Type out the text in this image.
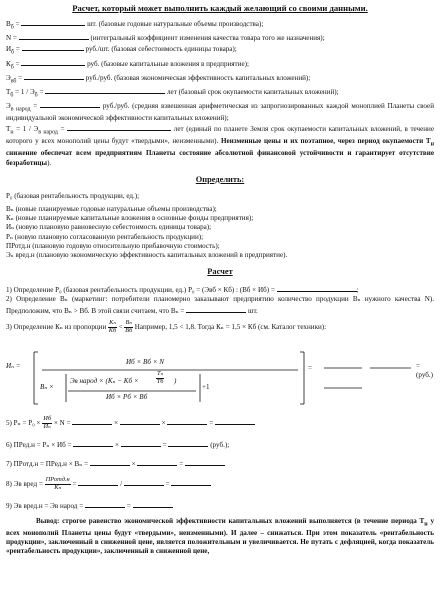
Расчет, который может выполнить каждый желающий со своими данными.

$В_б$ =	шт. (базовые годовые натуральные объемы производства);

N =	(интегральный коэффициент изменения качества товара того же назначения);

$И_б$ =	руб./шт. (базовая себестоимость единицы товара);

$К_б$ =	руб. (базовые капитальные вложения в предприятие);

$Э_{вб}$ =	руб./руб. (базовая экономическая эффективность капитальных вложений);

$Т_б = 1 / Э_б$ =	лет (базовый срок окупаемости капитальных вложений);

$Э_{в народ}$ =	руб./руб. (средняя взвешенная арифметическая из запрогнозированных каждой моноплией Планеты своей индивидуальной экономической эффективности капитальных вложений);

$Т_н = 1 / Э_{в народ}$ =	лет (единый по планете Земля срок окупаемости капитальных вложений, в течение которого у всех монополий цены будут «твердыми», неизменными). Неизменные цены и их поэтапное, через период окупаемости $Т_н$ снижение обеспечат всем предприятиям Планеты состояние абсолютной финансовой устойчивости и гарантирует отсутствие безработицы).

Определить:

Р₀ (базовая рентабельность продукции, ед.);

Вₙ (новые планируемые годовые натуральные объемы производства);

Кₙ (новые планируемые капитальные вложения в основные фонды предприятия);

Иₙ (новую плановую равновесную себестоимость единицы товара);

Рₙ (новую плановую согласованную рентабельность продукции);

ПРотд.н (плановую годовую относительную прибавочную стоимость);

Эₙ вред.н (плановую экономическую эффективность капитальных вложений в предприятие).

Расчет

1) Определение Р₀ (базовая рентабельность продукции, ед.) Р₀ = (Эвб × Кб) : (Вб × Иб) =	;

2) Определение Вₙ (маркетинг: потребители планомерно заказывают предприятию количество продукции Вₙ нужного качества N). Предположим, что Вₙ > Вб. В этой связи считаем, что Вₙ =	шт.

3) Определение Кₙ из пропорции $\frac{\text{Kₙ}}{Kб} < \frac{\text{Bₙ}}{Bб}$ Например, 1,5 < 1,8. Тогда Кₙ = 1,5 × Кб (см. Каталог техники):

Иₙ =	Иб × Bб × N
Bₙ ×
Эв народ × (Kₙ − Kб ×
Tₙ
Tб )
Иб × Pб × Bб
+1
=	= (руб.)

5) $Р_n = Р_0 \times \frac{Иб}{\text{Иₙ}} \times N$ =	×	×	=

6) ПРед.н = Рₙ × Иб =	×	=	(руб.);

7) ПРотд.н = ПРед.н × Вₙ =	×	=

8) Эв вред = $\frac{\text{ПРотд.н}}{\text{Kₙ}}$ =	/	=

9) Эв вред.н = Эв народ =	=

Вывод: строгое равенство экономической эффективности капитальных вложений выполняется (в течение периода $Т_н$ у всех монополий Планеты цены будут «твердыми», неизменными). И далее – снижаться. При этом показатель «рентабельность продукции», заключенный в сниженной цене, является положительным и увеличивается. Не путать с дефляцией, когда показатель «рентабельность продукции», заключенный в сниженной цене,
